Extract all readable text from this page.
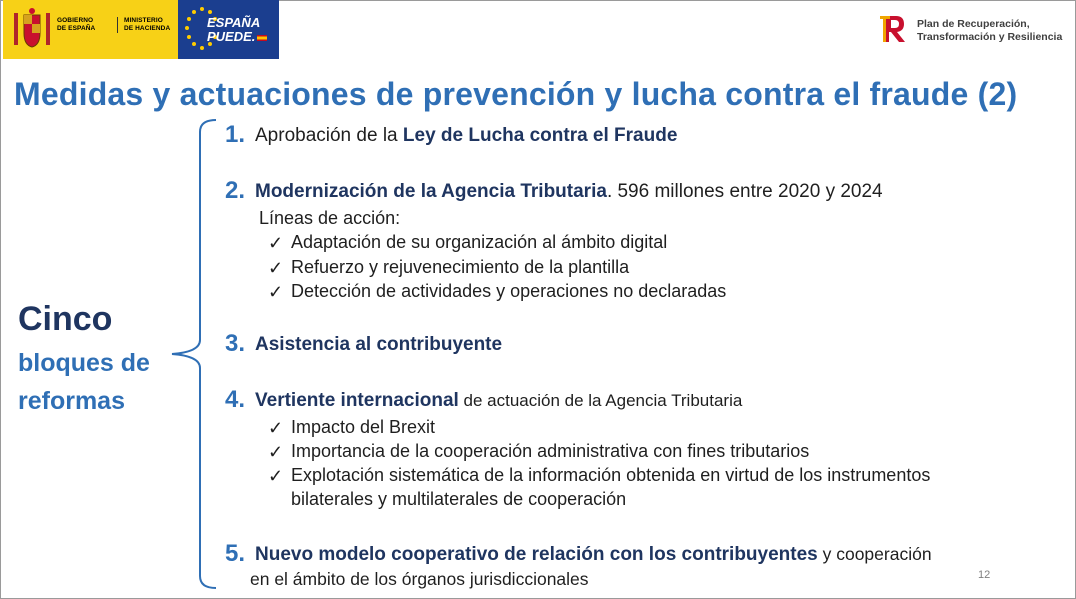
GOBIERNO
DE ESPAÑA
MINISTERIO
DE HACIENDA	ESPAÑA
PUEDE.
Plan de Recuperación,
Transformación y Resiliencia
Medidas y actuaciones de prevención y lucha contra el fraude (2)
Cinco
bloques de
reformas
1. Aprobación de la Ley de Lucha contra el Fraude
2. Modernización de la Agencia Tributaria. 596 millones entre 2020 y 2024
Líneas de acción:
✓ Adaptación de su organización al ámbito digital
✓ Refuerzo y rejuvenecimiento de la plantilla
✓ Detección de actividades y operaciones no declaradas
3. Asistencia al contribuyente
4. Vertiente internacional de actuación de la Agencia Tributaria
✓ Impacto del Brexit
✓ Importancia de la cooperación administrativa con fines tributarios
✓ Explotación sistemática de la información obtenida en virtud de los instrumentos
bilaterales y multilaterales de cooperación
5. Nuevo modelo cooperativo de relación con los contribuyentes y cooperación
en el ámbito de los órganos jurisdiccionales	12
